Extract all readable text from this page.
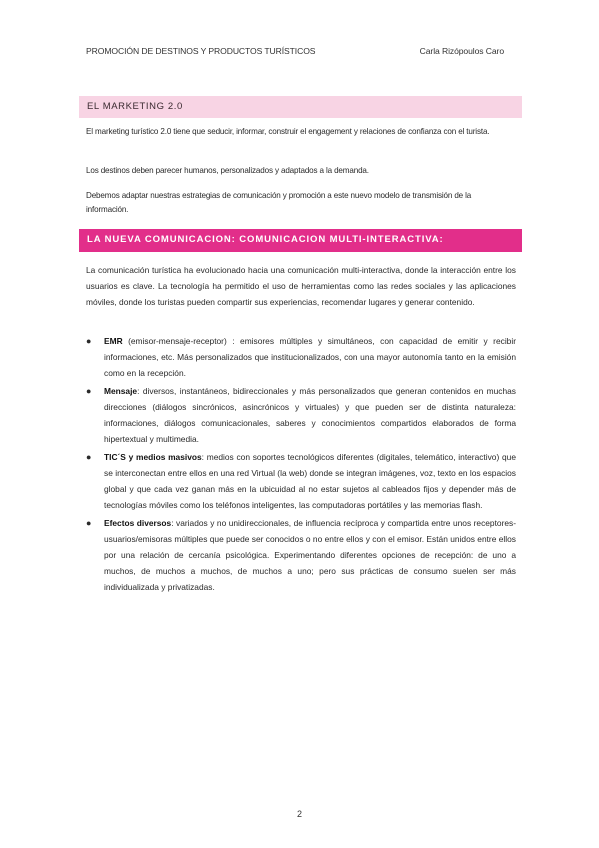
PROMOCIÓN DE DESTINOS Y PRODUCTOS TURÍSTICOS	Carla Rizópoulos Caro
EL MARKETING 2.0

El marketing turístico 2.0 tiene que seducir, informar, construir el engagement y relaciones de confianza con el turista.

Los destinos deben parecer humanos, personalizados y adaptados a la demanda.

Debemos adaptar nuestras estrategias de comunicación y promoción a este nuevo modelo de transmisión de la información.

LA NUEVA COMUNICACION: COMUNICACION MULTI-INTERACTIVA:

La comunicación turística ha evolucionado hacia una comunicación multi-interactiva, donde la interacción entre los usuarios es clave. La tecnología ha permitido el uso de herramientas como las redes sociales y las aplicaciones móviles, donde los turistas pueden compartir sus experiencias, recomendar lugares y generar contenido.

● EMR (emisor-mensaje-receptor) : emisores múltiples y simultáneos, con capacidad de emitir y recibir informaciones, etc. Más personalizados que institucionalizados, con una mayor autonomía tanto en la emisión como en la recepción.
● Mensaje: diversos, instantáneos, bidireccionales y más personalizados que generan contenidos en muchas direcciones (diálogos sincrónicos, asincrónicos y virtuales) y que pueden ser de distinta naturaleza: informaciones, diálogos comunicacionales, saberes y conocimientos compartidos elaborados de forma hipertextual y multimedia.
● TIC´S y medios masivos: medios con soportes tecnológicos diferentes (digitales, telemático, interactivo) que se interconectan entre ellos en una red Virtual (la web) donde se integran imágenes, voz, texto en los espacios global y que cada vez ganan más en la ubicuidad al no estar sujetos al cableados fijos y depender más de tecnologías móviles como los teléfonos inteligentes, las computadoras portátiles y las memorias flash.
● Efectos diversos: variados y no unidireccionales, de influencia recíproca y compartida entre unos receptores-usuarios/emisoras múltiples que puede ser conocidos o no entre ellos y con el emisor. Están unidos entre ellos por una relación de cercanía psicológica. Experimentando diferentes opciones de recepción: de uno a muchos, de muchos a muchos, de muchos a uno; pero sus prácticas de consumo suelen ser más individualizada y privatizadas.
2
